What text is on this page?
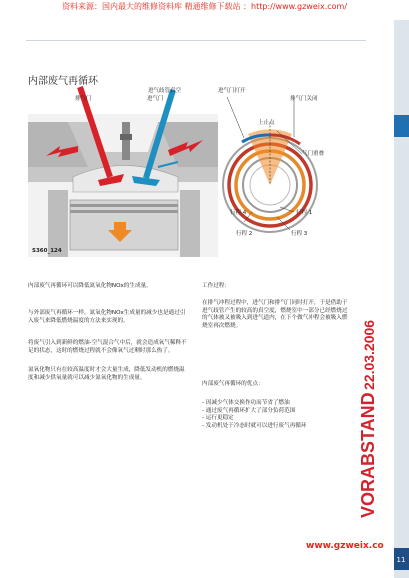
资料来源：国内最大的维修资料库 精通维修下载站 ：http://www.gzweix.com/
内部废气再循环
排气门
进气歧管真空
进气门
S360_124
进气门打开
排气门关闭
上止点
气门重叠
行程 4	行程 1
行程 2	行程 3
内部废气再循环可以降低氮氧化物NOx的生成量。
与外部废气再循环一样，氮氧化物NOx生成量的减少也是通过引入废气来降低燃烧温度的方法来实现的。
将废气引入到新鲜的燃油-空气混合气中后，就会造成氧气稀释不足的状态，这时的燃烧过程就不会像氧气过剩时那么热了。
氮氧化物只有在较高温度时才会大量生成，降低发动机的燃烧温度和减少供氧量就可以减少氮氧化物的生成量。
工作过程：
在排气冲程过程中，进气门和排气门同时打开，于是借助于进气歧管产生的较高的真空度，燃烧室中一部分已经燃烧过的气体被又被吸入到进气道内，在下个做气冲程会被吸入燃烧室再次燃烧。
内部废气再循环的优点：
- 因减少气体交换作功而节省了燃油
- 通过废气再循环扩大了部分负荷范围
- 运行更稳定
- 发动机处于冷态时就可以进行废气再循环	VORABSTAND
22.03.2006
www.gzweix.co
11
